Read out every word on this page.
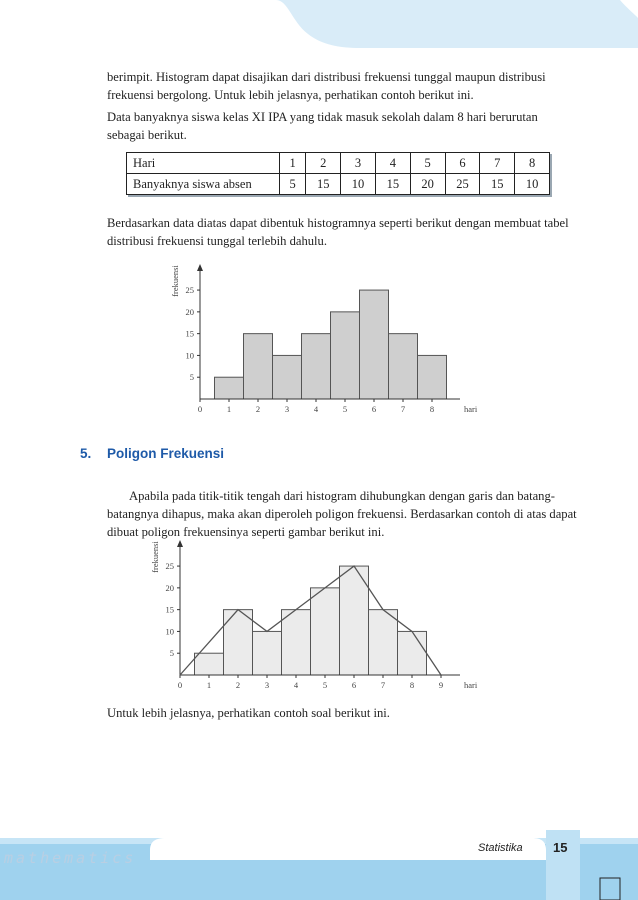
berimpit. Histogram dapat disajikan dari distribusi frekuensi tunggal maupun distribusi frekuensi bergolong. Untuk lebih jelasnya, perhatikan contoh berikut ini.

Data banyaknya siswa kelas XI IPA yang tidak masuk sekolah dalam 8 hari berurutan sebagai berikut.

Hari	1	2	3	4	5	6	7	8
Banyaknya siswa absen	5	15	10	15	20	25	15	10

Berdasarkan data diatas dapat dibentuk histogramnya seperti berikut dengan membuat tabel distribusi frekuensi tunggal terlebih dahulu.

5
10
15
20
25
0	1	2	3	4	5	6	7	8	hari
frekuensi
5. Poligon Frekuensi

Apabila pada titik-titik tengah dari histogram dihubungkan dengan garis dan batang-batangnya dihapus, maka akan diperoleh poligon frekuensi. Berdasarkan contoh di atas dapat dibuat poligon frekuensinya seperti gambar berikut ini.

5
10
15
20
25
0	1	2	3	4	5	6	7	8	9 hari
frekuensi

Untuk lebih jelasnya, perhatikan contoh soal berikut ini.

mathematics
Statistika 15
